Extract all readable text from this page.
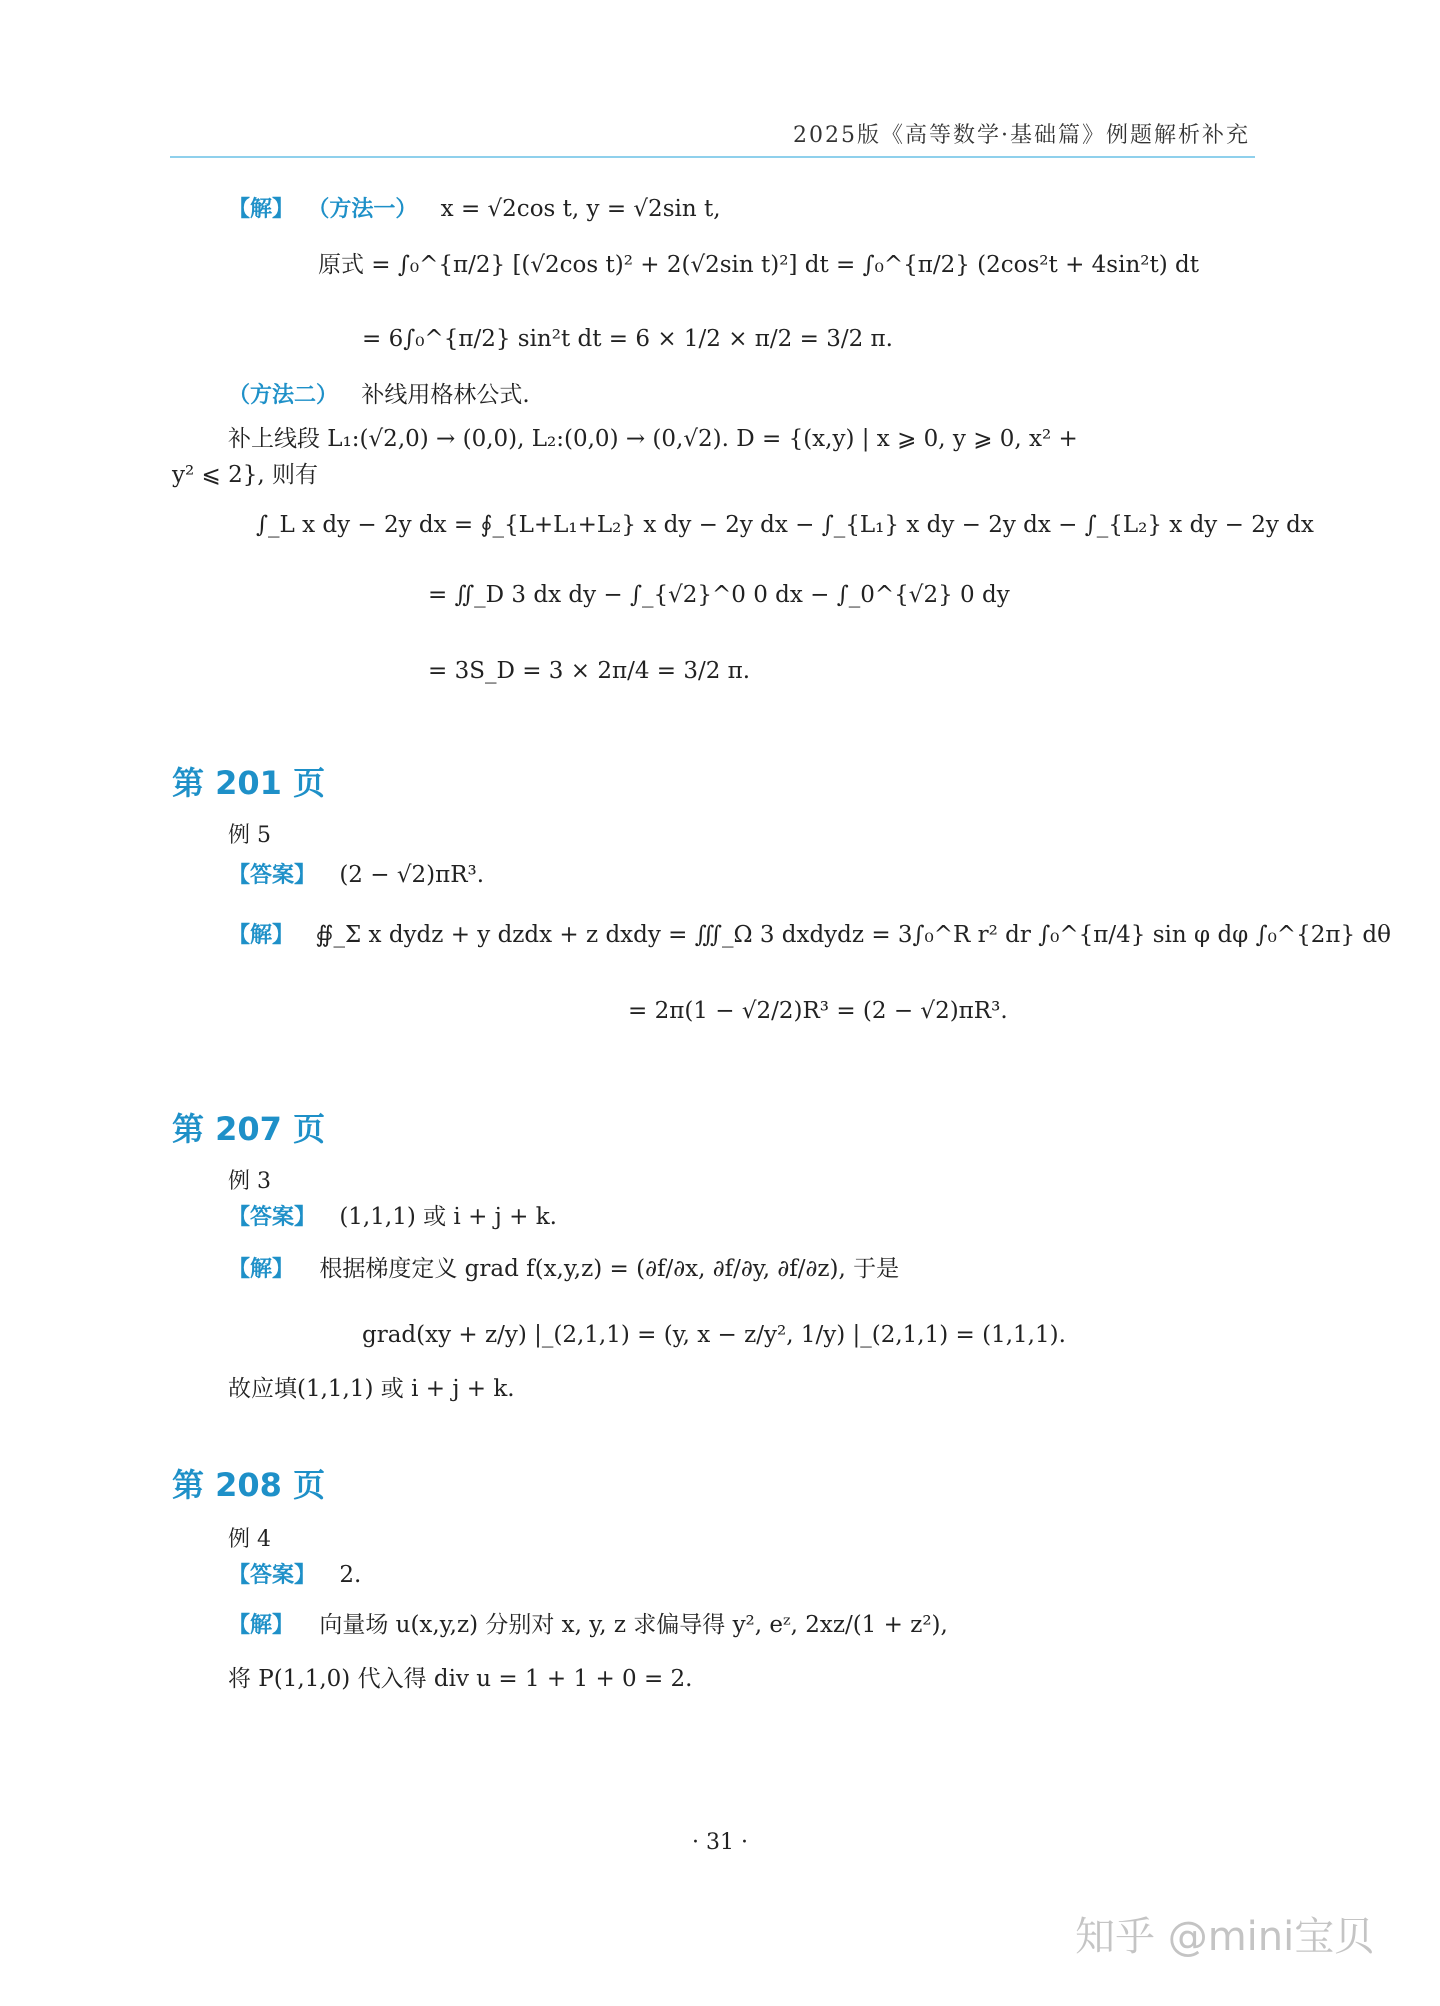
2025版《高等数学·基础篇》例题解析补充
【解】 （方法一） x = √2cos t, y = √2sin t,
原式 = ∫₀^{π/2} [(√2cos t)² + 2(√2sin t)²] dt = ∫₀^{π/2} (2cos²t + 4sin²t) dt
= 6∫₀^{π/2} sin²t dt = 6 × 1/2 × π/2 = 3/2 π.
（方法二） 补线用格林公式.
补上线段 L₁:(√2,0) → (0,0), L₂:(0,0) → (0,√2). D = {(x,y) | x ⩾ 0, y ⩾ 0, x² +
y² ⩽ 2}, 则有
∫_L x dy − 2y dx = ∮_{L+L₁+L₂} x dy − 2y dx − ∫_{L₁} x dy − 2y dx − ∫_{L₂} x dy − 2y dx
= ∬_D 3 dx dy − ∫_{√2}^0 0 dx − ∫_0^{√2} 0 dy
= 3S_D = 3 × 2π/4 = 3/2 π.
第 201 页
例 5
【答案】 (2 − √2)πR³.
【解】 ∯_Σ x dydz + y dzdx + z dxdy = ∭_Ω 3 dxdydz = 3∫₀^R r² dr ∫₀^{π/4} sin φ dφ ∫₀^{2π} dθ
= 2π(1 − √2/2)R³ = (2 − √2)πR³.
第 207 页
例 3
【答案】 (1,1,1) 或 i + j + k.
【解】 根据梯度定义 grad f(x,y,z) = (∂f/∂x, ∂f/∂y, ∂f/∂z), 于是
grad(xy + z/y) |_(2,1,1) = (y, x − z/y², 1/y) |_(2,1,1) = (1,1,1).
故应填(1,1,1) 或 i + j + k.
第 208 页
例 4
【答案】 2.
【解】 向量场 u(x,y,z) 分别对 x, y, z 求偏导得 y², eᶻ, 2xz/(1 + z²),
将 P(1,1,0) 代入得 div u = 1 + 1 + 0 = 2.
· 31 ·
知乎 @mini宝贝
